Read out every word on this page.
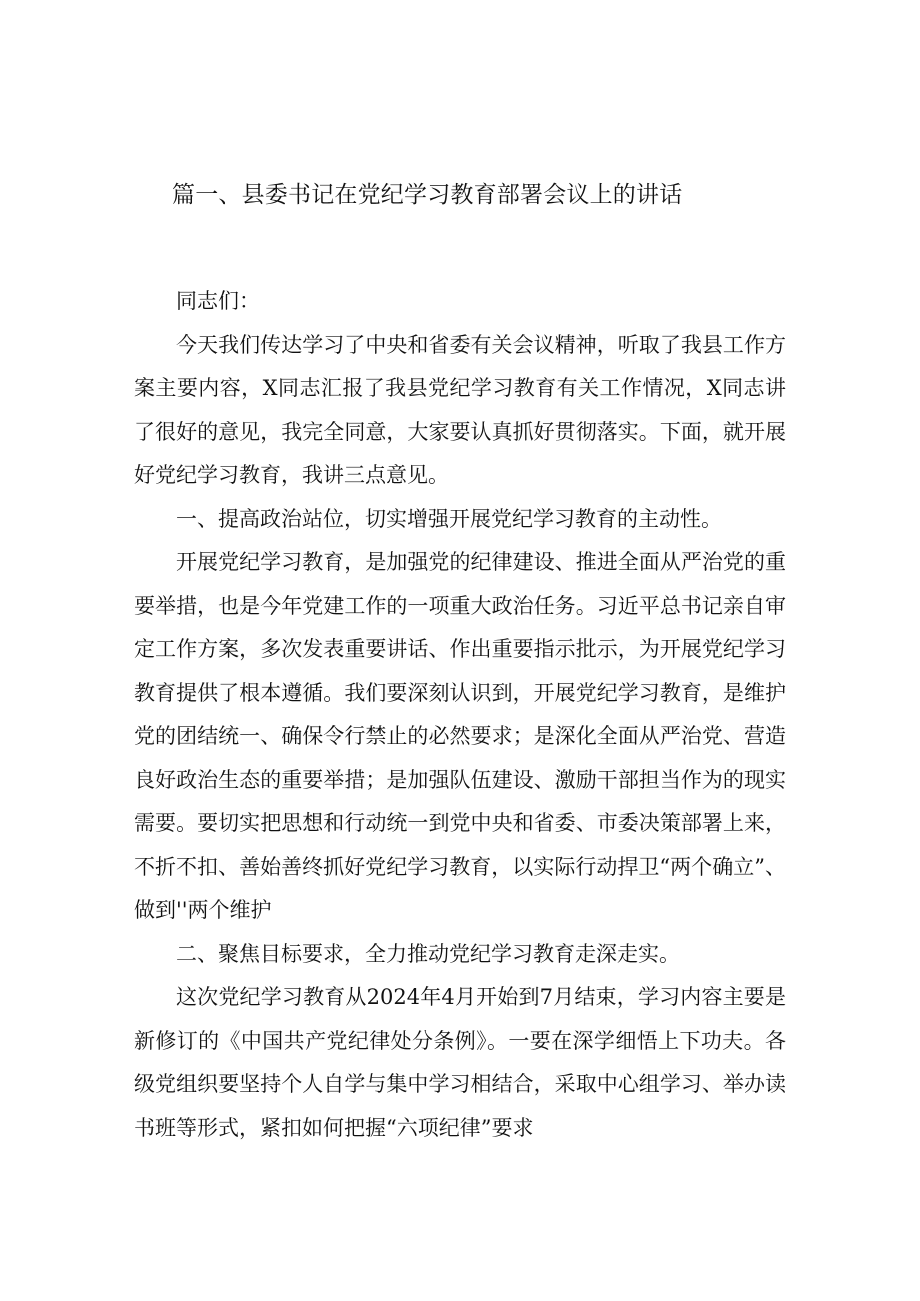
篇一、县委书记在党纪学习教育部署会议上的讲话

同志们：

今天我们传达学习了中央和省委有关会议精神，听取了我县工作方案主要内容，X同志汇报了我县党纪学习教育有关工作情况，X同志讲了很好的意见，我完全同意，大家要认真抓好贯彻落实。下面，就开展好党纪学习教育，我讲三点意见。

一、提高政治站位，切实增强开展党纪学习教育的主动性。

开展党纪学习教育，是加强党的纪律建设、推进全面从严治党的重要举措，也是今年党建工作的一项重大政治任务。习近平总书记亲自审定工作方案，多次发表重要讲话、作出重要指示批示，为开展党纪学习教育提供了根本遵循。我们要深刻认识到，开展党纪学习教育，是维护党的团结统一、确保令行禁止的必然要求；是深化全面从严治党、营造良好政治生态的重要举措；是加强队伍建设、激励干部担当作为的现实需要。要切实把思想和行动统一到党中央和省委、市委决策部署上来，不折不扣、善始善终抓好党纪学习教育，以实际行动捍卫“两个确立”、做到''两个维护

二、聚焦目标要求，全力推动党纪学习教育走深走实。

这次党纪学习教育从2024年4月开始到7月结束，学习内容主要是新修订的《中国共产党纪律处分条例》。一要在深学细悟上下功夫。各级党组织要坚持个人自学与集中学习相结合，采取中心组学习、举办读书班等形式，紧扣如何把握“六项纪律”要求
